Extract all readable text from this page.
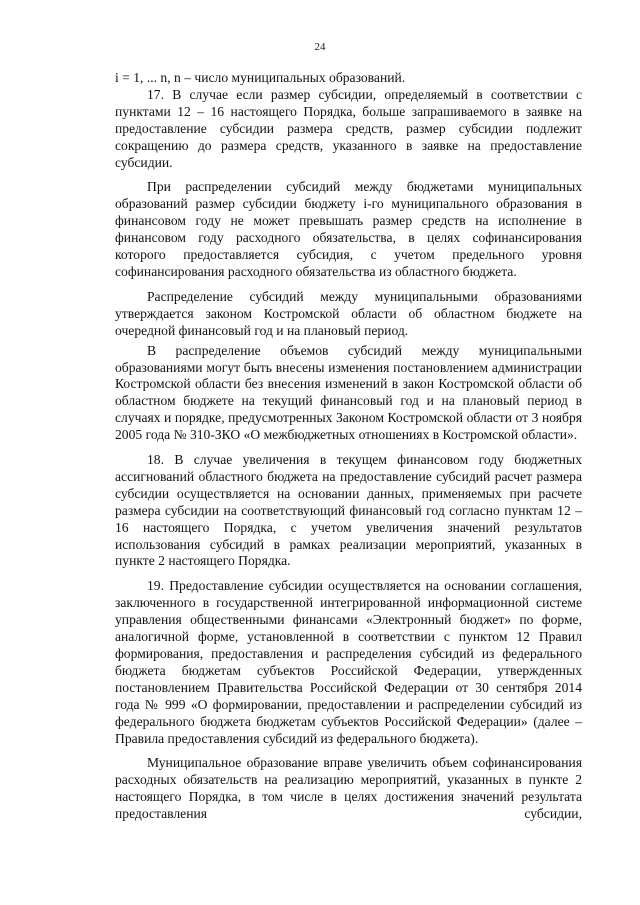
24

i = 1, ... n, n – число муниципальных образований.

17. В случае если размер субсидии, определяемый в соответствии с пунктами 12 – 16 настоящего Порядка, больше запрашиваемого в заявке на предоставление субсидии размера средств, размер субсидии подлежит сокращению до размера средств, указанного в заявке на предоставление субсидии.

При распределении субсидий между бюджетами муниципальных образований размер субсидии бюджету i-го муниципального образования в финансовом году не может превышать размер средств на исполнение в финансовом году расходного обязательства, в целях софинансирования которого предоставляется субсидия, с учетом предельного уровня софинансирования расходного обязательства из областного бюджета.

Распределение субсидий между муниципальными образованиями утверждается законом Костромской области об областном бюджете на очередной финансовый год и на плановый период.

В распределение объемов субсидий между муниципальными образованиями могут быть внесены изменения постановлением администрации Костромской области без внесения изменений в закон Костромской области об областном бюджете на текущий финансовый год и на плановый период в случаях и порядке, предусмотренных Законом Костромской области от 3 ноября 2005 года № 310-ЗКО «О межбюджетных отношениях в Костромской области».

18. В случае увеличения в текущем финансовом году бюджетных ассигнований областного бюджета на предоставление субсидий расчет размера субсидии осуществляется на основании данных, применяемых при расчете размера субсидии на соответствующий финансовый год согласно пунктам 12 – 16 настоящего Порядка, с учетом увеличения значений результатов использования субсидий в рамках реализации мероприятий, указанных в пункте 2 настоящего Порядка.

19. Предоставление субсидии осуществляется на основании соглашения, заключенного в государственной интегрированной информационной системе управления общественными финансами «Электронный бюджет» по форме, аналогичной форме, установленной в соответствии с пунктом 12 Правил формирования, предоставления и распределения субсидий из федерального бюджета бюджетам субъектов Российской Федерации, утвержденных постановлением Правительства Российской Федерации от 30 сентября 2014 года № 999 «О формировании, предоставлении и распределении субсидий из федерального бюджета бюджетам субъектов Российской Федерации» (далее – Правила предоставления субсидий из федерального бюджета).

Муниципальное образование вправе увеличить объем софинансирования расходных обязательств на реализацию мероприятий, указанных в пункте 2 настоящего Порядка, в том числе в целях достижения значений результата предоставления субсидии,
